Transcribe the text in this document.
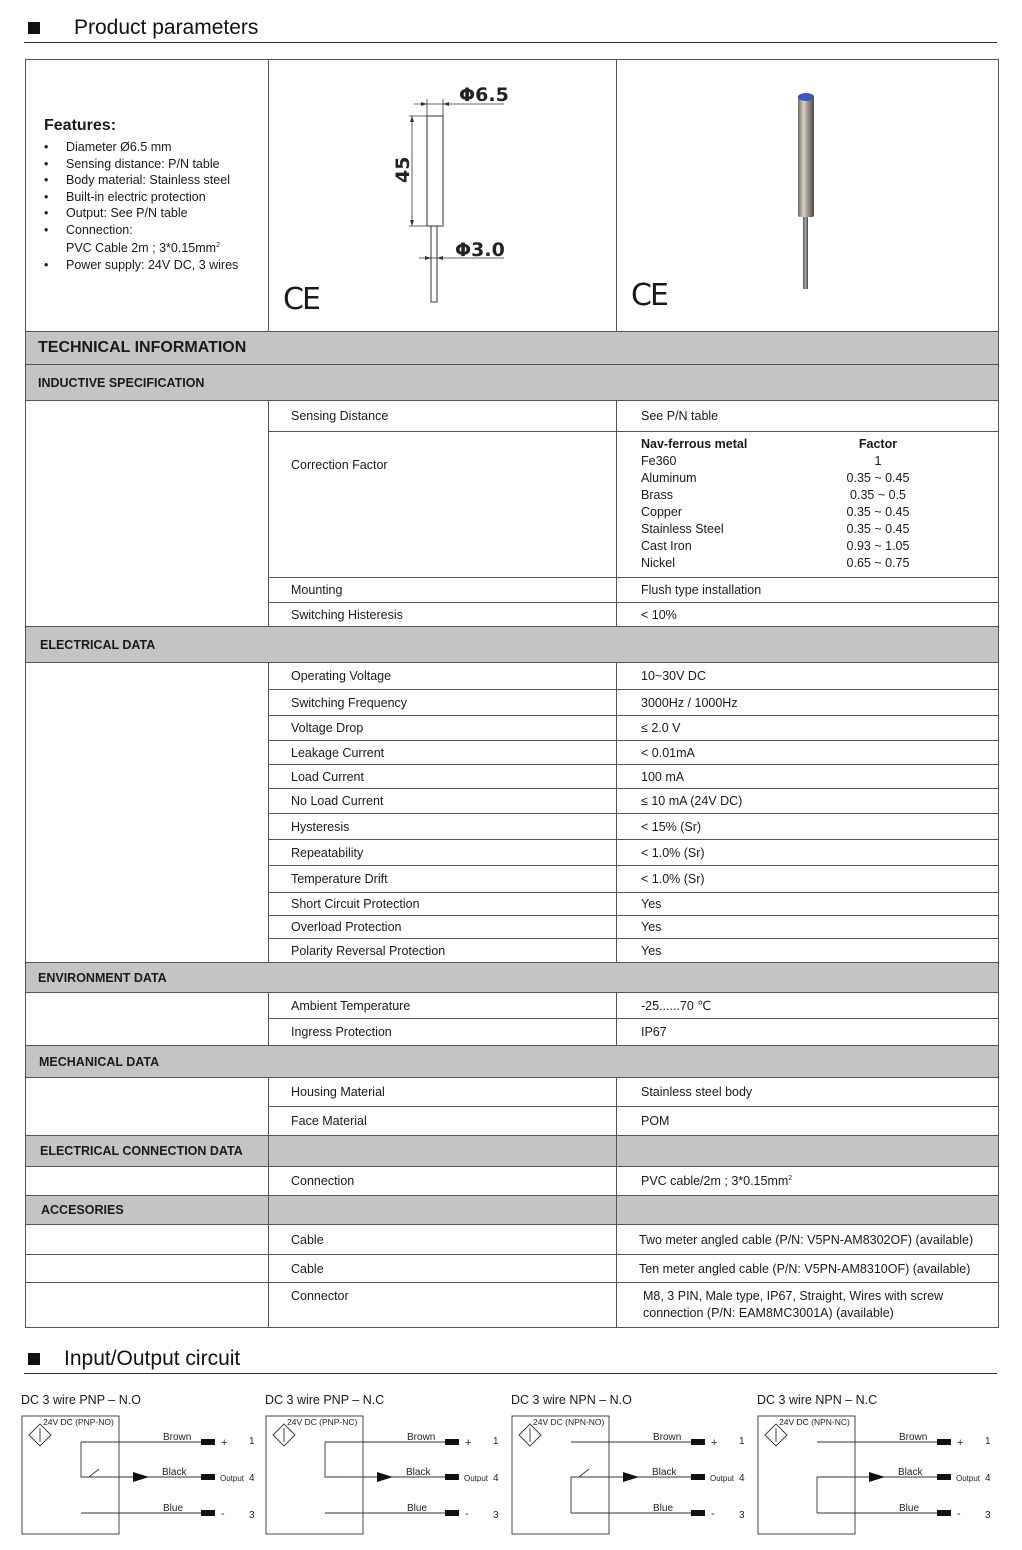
Product parameters
Features:
• Diameter Ø6.5 mm
• Sensing distance: P/N table
• Body material: Stainless steel
• Built-in electric protection
• Output: See P/N table
• Connection:
PVC Cable 2m ; $3*0.15mm^2$
• Power supply: 24V DC, 3 wires

Φ6.5
45
Φ3.0
CE	CE

TECHNICAL INFORMATION
INDUCTIVE SPECIFICATION
	Sensing Distance	See P/N table
Correction Factor	
Nav-ferrous metal	Factor
Fe360	1
Aluminum	0.35 ~ 0.45
Brass	0.35 ~ 0.5
Copper	0.35 ~ 0.45
Stainless Steel	0.35 ~ 0.45
Cast Iron	0.93 ~ 1.05
Nickel	0.65 ~ 0.75

Mounting	Flush type installation
Switching Histeresis	< 10%
ELECTRICAL DATA
	Operating Voltage	10~30V DC
Switching Frequency	3000Hz / 1000Hz
Voltage Drop	≤ 2.0 V
Leakage Current	< 0.01mA
Load Current	100 mA
No Load Current	≤ 10 mA (24V DC)
Hysteresis	< 15% (Sr)
Repeatability	< 1.0% (Sr)
Temperature Drift	< 1.0% (Sr)
Short Circuit Protection	Yes
Overload Protection	Yes
Polarity Reversal Protection	Yes
ENVIRONMENT DATA
	Ambient Temperature	-25......70 ℃
Ingress Protection	IP67
MECHANICAL DATA
	Housing Material	Stainless steel body
Face Material	POM
ELECTRICAL CONNECTION DATA		
	Connection	PVC cable/2m ; $3*0.15mm^2$
ACCESORIES		
	Cable	Two meter angled cable (P/N: V5PN-AM8302OF) (available)
	Cable	Ten meter angled cable (P/N: V5PN-AM8310OF) (available)
	Connector	M8, 3 PIN, Male type, IP67, Straight, Wires with screw connection (P/N: EAM8MC3001A) (available)
Input/Output circuit
DC 3 wire PNP – N.O
24V DC (PNP-NO)
Brown
Black
Blue
+
Output
-
1
4
3
DC 3 wire PNP – N.C
24V DC (PNP-NC)
Brown
Black
Blue
+
Output
-
1
4
3
DC 3 wire NPN – N.O
24V DC (NPN-NO)
Brown
Black
Blue
+
Output
-
1
4
3
DC 3 wire NPN – N.C
24V DC (NPN-NC)
Brown
Black
Blue
+
Output
-
1
4
3
